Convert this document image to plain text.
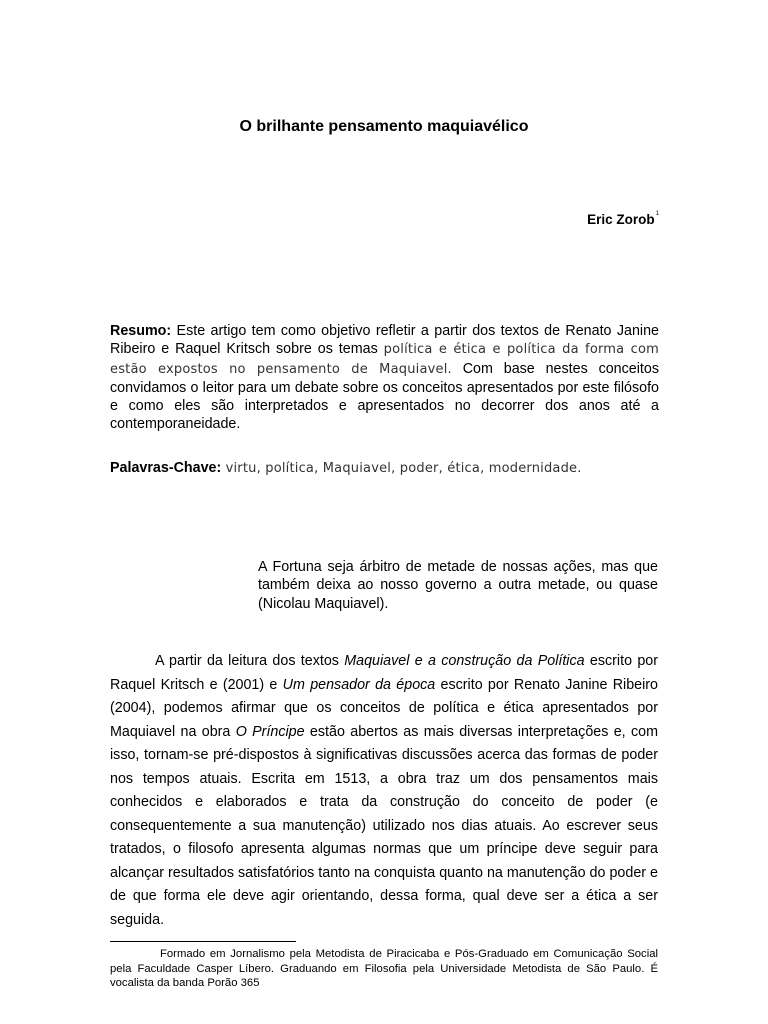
O brilhante pensamento maquiavélico
Eric Zorob$^1$

Resumo: Este artigo tem como objetivo refletir a partir dos textos de Renato Janine Ribeiro e Raquel Kritsch sobre os temas política e ética e política da forma com estão expostos no pensamento de Maquiavel. Com base nestes conceitos convidamos o leitor para um debate sobre os conceitos apresentados por este filósofo e como eles são interpretados e apresentados no decorrer dos anos até a contemporaneidade.

Palavras-Chave: virtu, política, Maquiavel, poder, ética, modernidade.

A Fortuna seja árbitro de metade de nossas ações, mas que também deixa ao nosso governo a outra metade, ou quase (Nicolau Maquiavel).

A partir da leitura dos textos Maquiavel e a construção da Política escrito por Raquel Kritsch e (2001) e Um pensador da época escrito por Renato Janine Ribeiro (2004), podemos afirmar que os conceitos de política e ética apresentados por Maquiavel na obra O Príncipe estão abertos as mais diversas interpretações e, com isso, tornam-se pré-dispostos à significativas discussões acerca das formas de poder nos tempos atuais. Escrita em 1513, a obra traz um dos pensamentos mais conhecidos e elaborados e trata da construção do conceito de poder (e consequentemente a sua manutenção) utilizado nos dias atuais. Ao escrever seus tratados, o filosofo apresenta algumas normas que um príncipe deve seguir para alcançar resultados satisfatórios tanto na conquista quanto na manutenção do poder e de que forma ele deve agir orientando, dessa forma, qual deve ser a ética a ser seguida.

Formado em Jornalismo pela Metodista de Piracicaba e Pós-Graduado em Comunicação Social pela Faculdade Casper Líbero. Graduando em Filosofia pela Universidade Metodista de São Paulo. É vocalista da banda Porão 365
